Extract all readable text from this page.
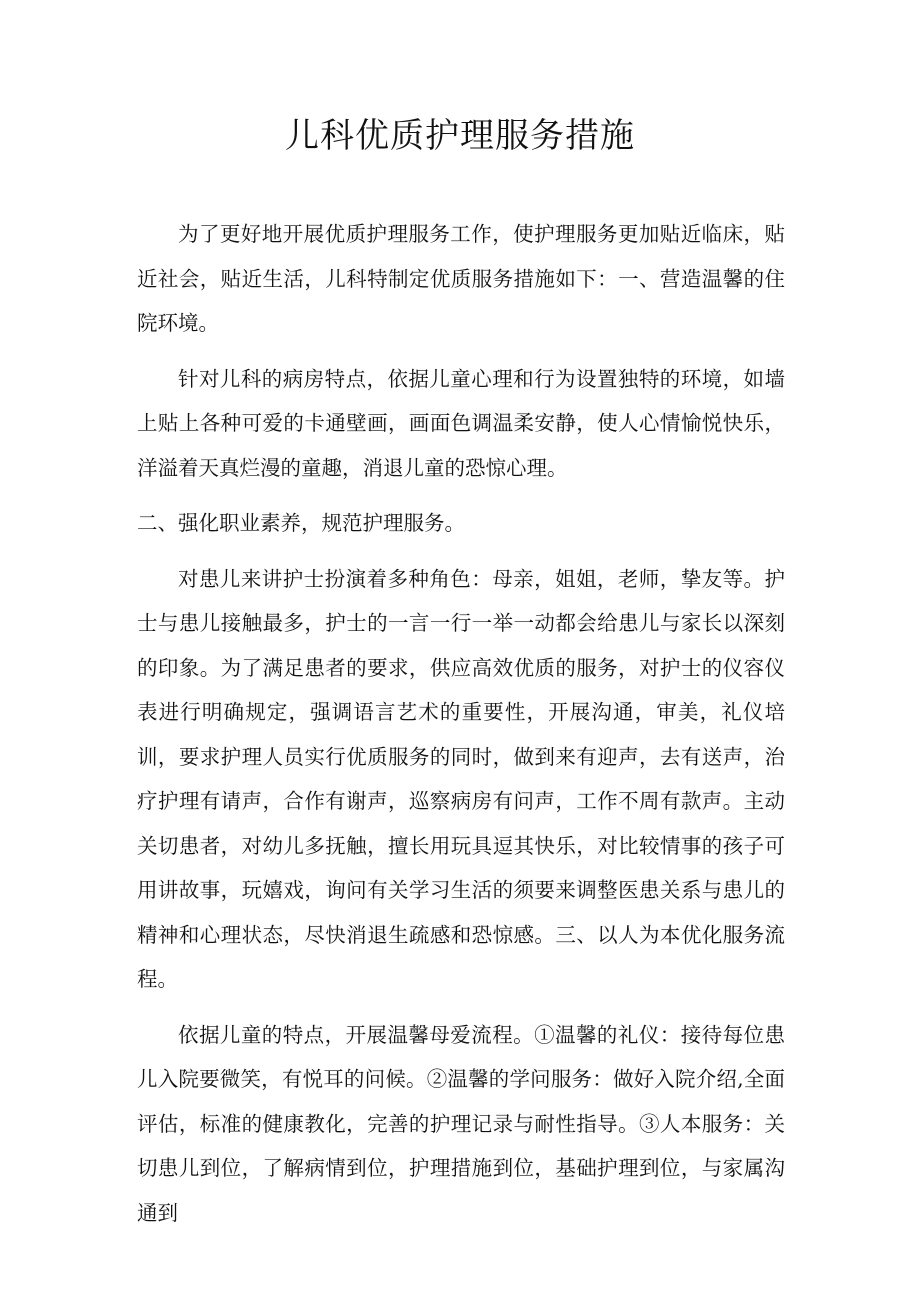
儿科优质护理服务措施

为了更好地开展优质护理服务工作，使护理服务更加贴近临床，贴近社会，贴近生活，儿科特制定优质服务措施如下：一、营造温馨的住院环境。

针对儿科的病房特点，依据儿童心理和行为设置独特的环境，如墙上贴上各种可爱的卡通壁画，画面色调温柔安静，使人心情愉悦快乐，洋溢着天真烂漫的童趣，消退儿童的恐惊心理。

二、强化职业素养，规范护理服务。

对患儿来讲护士扮演着多种角色：母亲，姐姐，老师，挚友等。护士与患儿接触最多，护士的一言一行一举一动都会给患儿与家长以深刻的印象。为了满足患者的要求，供应高效优质的服务，对护士的仪容仪表进行明确规定，强调语言艺术的重要性，开展沟通，审美，礼仪培训，要求护理人员实行优质服务的同时，做到来有迎声，去有送声，治疗护理有请声，合作有谢声，巡察病房有问声，工作不周有款声。主动关切患者，对幼儿多抚触，擅长用玩具逗其快乐，对比较情事的孩子可用讲故事，玩嬉戏，询问有关学习生活的须要来调整医患关系与患儿的精神和心理状态，尽快消退生疏感和恐惊感。三、以人为本优化服务流程。

依据儿童的特点，开展温馨母爱流程。①温馨的礼仪：接待每位患儿入院要微笑，有悦耳的问候。②温馨的学问服务：做好入院介绍,全面评估，标准的健康教化，完善的护理记录与耐性指导。③人本服务：关切患儿到位，了解病情到位，护理措施到位，基础护理到位，与家属沟通到
